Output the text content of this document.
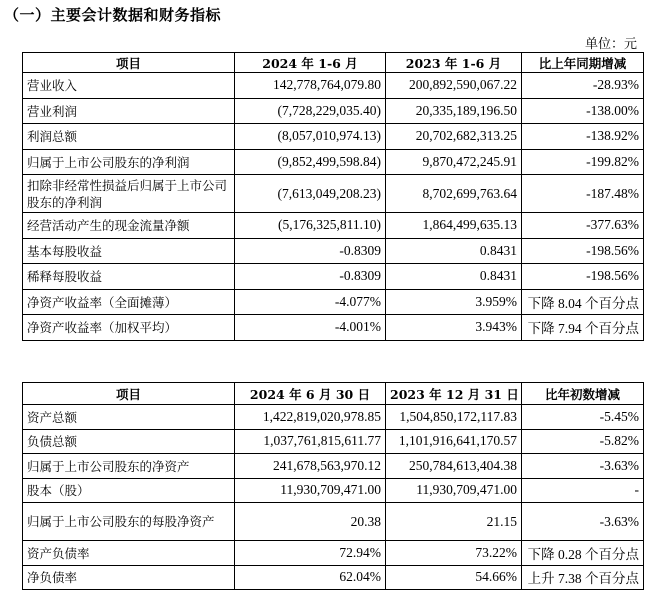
（一）主要会计数据和财务指标
单位：元
项目	2024 年 1-6 月	2023 年 1-6 月	比上年同期增减
营业收入	142,778,764,079.80	200,892,590,067.22	-28.93%
营业利润	(7,728,229,035.40)	20,335,189,196.50	-138.00%
利润总额	(8,057,010,974.13)	20,702,682,313.25	-138.92%
归属于上市公司股东的净利润	(9,852,499,598.84)	9,870,472,245.91	-199.82%
扣除非经常性损益后归属于上市公司股东的净利润	(7,613,049,208.23)	8,702,699,763.64	-187.48%
经营活动产生的现金流量净额	(5,176,325,811.10)	1,864,499,635.13	-377.63%
基本每股收益	-0.8309	0.8431	-198.56%
稀释每股收益	-0.8309	0.8431	-198.56%
净资产收益率（全面摊薄）	-4.077%	3.959%	下降 8.04 个百分点
净资产收益率（加权平均）	-4.001%	3.943%	下降 7.94 个百分点
项目	2024 年 6 月 30 日	2023 年 12 月 31 日	比年初数增减
资产总额	1,422,819,020,978.85	1,504,850,172,117.83	-5.45%
负债总额	1,037,761,815,611.77	1,101,916,641,170.57	-5.82%
归属于上市公司股东的净资产	241,678,563,970.12	250,784,613,404.38	-3.63%
股本（股）	11,930,709,471.00	11,930,709,471.00	-
归属于上市公司股东的每股净资产	20.38	21.15	-3.63%
资产负债率	72.94%	73.22%	下降 0.28 个百分点
净负债率	62.04%	54.66%	上升 7.38 个百分点
